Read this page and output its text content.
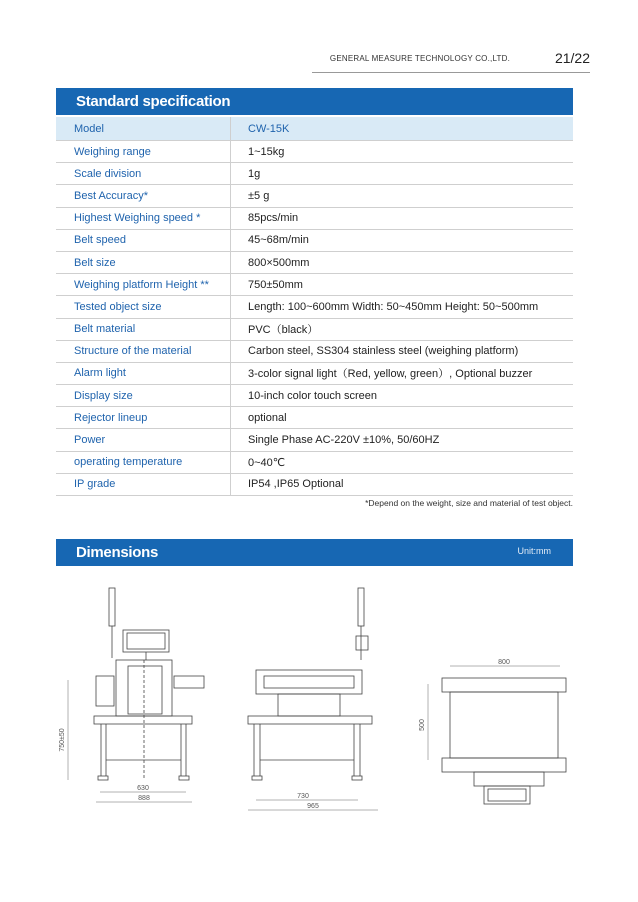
GENERAL MEASURE TECHNOLOGY CO.,LTD.	21/22
Standard specification
Model	CW-15K
Weighing range	1~15kg
Scale division	1g
Best Accuracy*	±5 g
Highest Weighing speed *	85pcs/min
Belt speed	45~68m/min
Belt size	800×500mm
Weighing platform Height **	750±50mm
Tested object size	Length: 100~600mm Width: 50~450mm Height: 50~500mm
Belt material	PVC（black）
Structure of the material	Carbon steel, SS304 stainless steel (weighing platform)
Alarm light	3-color signal light（Red, yellow, green）, Optional buzzer
Display size	10-inch color touch screen
Rejector lineup	optional
Power	Single Phase AC-220V ±10%, 50/60HZ
operating temperature	0~40℃
IP grade	IP54 ,IP65 Optional
*Depend on the weight, size and material of test object.
Dimensions	Unit:mm
750±50
630
888	730
965
800
500
